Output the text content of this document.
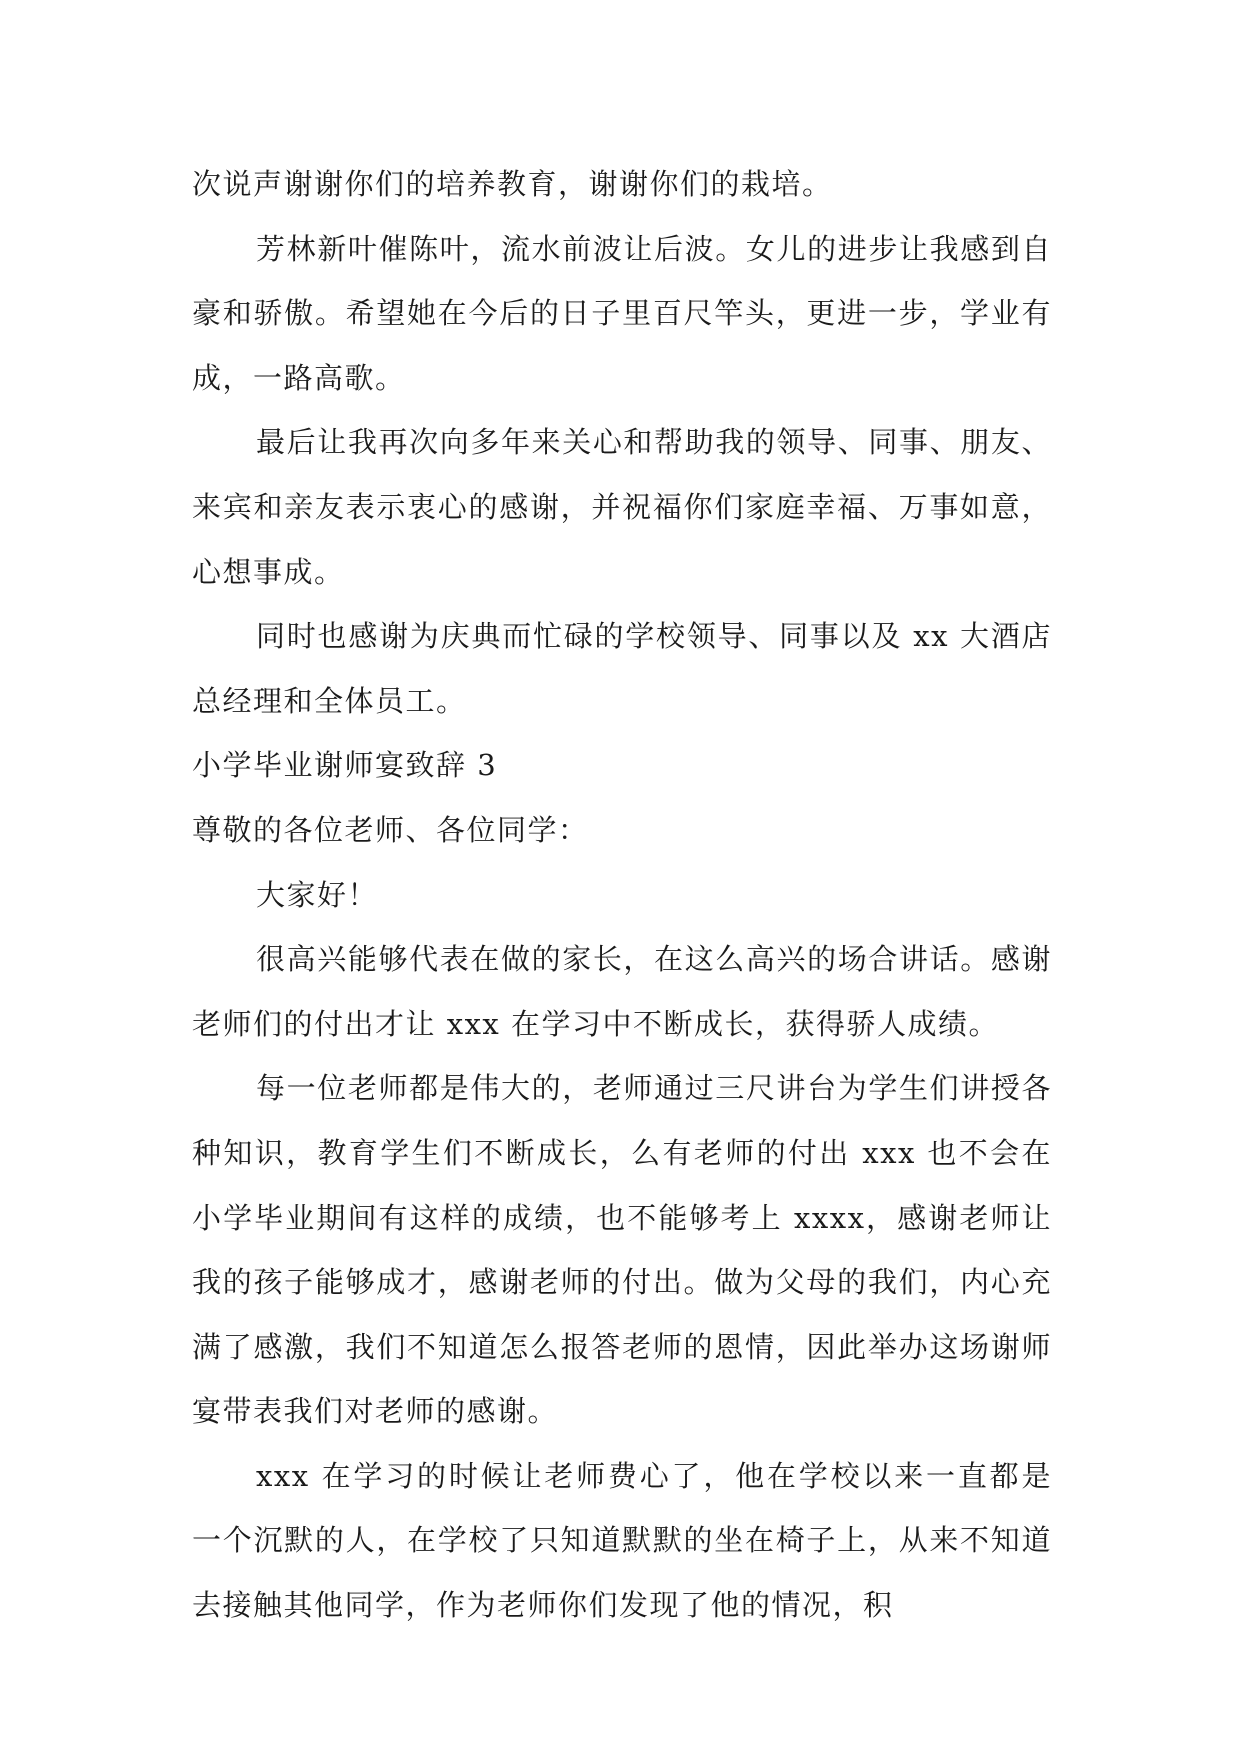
次说声谢谢你们的培养教育，谢谢你们的栽培。

芳林新叶催陈叶，流水前波让后波。女儿的进步让我感到自豪和骄傲。希望她在今后的日子里百尺竿头，更进一步，学业有成，一路高歌。

最后让我再次向多年来关心和帮助我的领导、同事、朋友、来宾和亲友表示衷心的感谢，并祝福你们家庭幸福、万事如意，心想事成。

同时也感谢为庆典而忙碌的学校领导、同事以及 xx 大酒店总经理和全体员工。

小学毕业谢师宴致辞 3

尊敬的各位老师、各位同学：

大家好！

很高兴能够代表在做的家长，在这么高兴的场合讲话。感谢老师们的付出才让 xxx 在学习中不断成长，获得骄人成绩。

每一位老师都是伟大的，老师通过三尺讲台为学生们讲授各种知识，教育学生们不断成长，么有老师的付出 xxx 也不会在小学毕业期间有这样的成绩，也不能够考上 xxxx，感谢老师让我的孩子能够成才，感谢老师的付出。做为父母的我们，内心充满了感激，我们不知道怎么报答老师的恩情，因此举办这场谢师宴带表我们对老师的感谢。

xxx 在学习的时候让老师费心了，他在学校以来一直都是一个沉默的人，在学校了只知道默默的坐在椅子上，从来不知道去接触其他同学，作为老师你们发现了他的情况，积
